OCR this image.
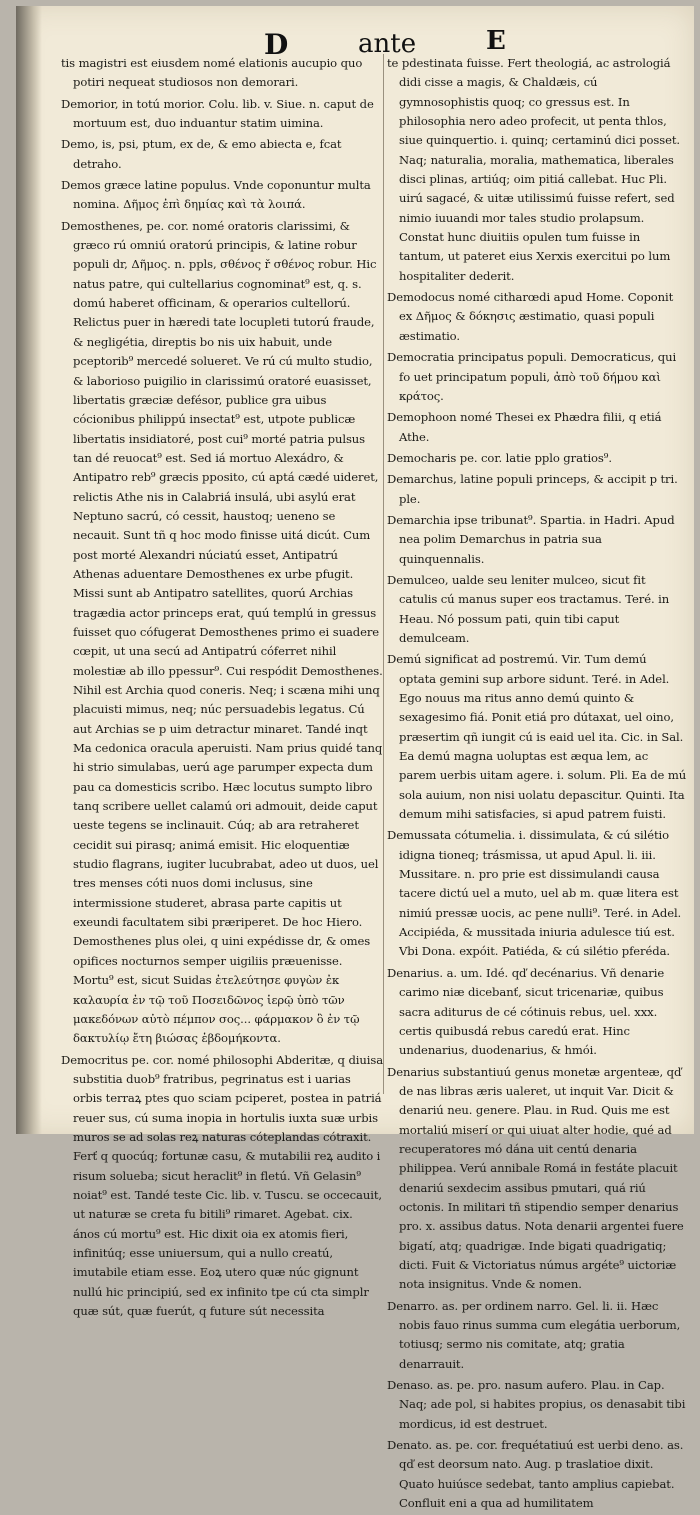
D	ante	E

tis magistri est eiusdem nomé elationis aucupio quo potiri nequeat studiosos non demorari.

Demorior, in totú morior. Colu. lib. v. Siue. n. caput de mortuum est, duo induantur statim uimina.

Demo, is, psi, ptum, ex de, & emo abiecta e, fcat detraho.

Demos græce latine populus. Vnde coponuntur multa nomina. Δῆμος ἐπὶ δημίας καὶ τὰ λοιπά.

Demosthenes, pe. cor. nomé oratoris clarissimi, & græco rú omniú oratorú principis, & latine robur populi dr, Δῆμος. n. ppls, σθένος ř σθένος robur. Hic natus patre, qui cultellarius cognominat⁹ est, q. s. domú haberet officinam, & operarios cultellorú. Relictus puer in hæredi tate locupleti tutorú fraude, & negligétia, direptis bo nis uix habuit, unde pceptorib⁹ mercedé solueret. Ve rú cú multo studio, & laborioso puigilio in clarissimú oratoré euasisset, libertatis græciæ defésor, publice gra uibus cócionibus philippú insectat⁹ est, utpote publicæ libertatis insidiatoré, post cui⁹ morté patria pulsus tan dé reuocat⁹ est. Sed iá mortuo Alexádro, & Antipatro reb⁹ græcis pposito, cú aptá cædé uideret, relictis Athe nis in Calabriá insulá, ubi asylú erat Neptuno sacrú, có cessit, haustoq; ueneno se necauit. Sunt tñ q hoc modo finisse uitá dicút. Cum post morté Alexandri núciatú esset, Antipatrú Athenas aduentare Demosthenes ex urbe pfugit. Missi sunt ab Antipatro satellites, quorú Archias tragædia actor princeps erat, quú templú in gressus fuisset quo cófugerat Demosthenes primo ei suadere cœpit, ut una secú ad Antipatrú cóferret nihil molestiæ ab illo ppessur⁹. Cui respódit Demosthenes. Nihil est Archia quod coneris. Neq; i scæna mihi unq placuisti mimus, neq; núc persuadebis legatus. Cú aut Archias se p uim detractur minaret. Tandé inqt Ma cedonica oracula aperuisti. Nam prius quidé tanq hi strio simulabas, uerú age parumper expecta dum pau ca domesticis scribo. Hæc locutus sumpto libro tanq scribere uellet calamú ori admouit, deide caput ueste tegens se inclinauit. Cúq; ab ara retraheret cecidit sui pirasq; animá emisit. Hic eloquentiæ studio flagrans, iugiter lucubrabat, adeo ut duos, uel tres menses cóti nuos domi inclusus, sine intermissione studeret, abrasa parte capitis ut exeundi facultatem sibi præriperet. De hoc Hiero. Demosthenes plus olei, q uini expédisse dr, & omes opifices nocturnos semper uigiliis præuenisse. Mortu⁹ est, sicut Suidas ἐτελεύτησε φυγὼν ἐκ καλαυρία ἐν τῷ τοῦ Ποσειδῶνος ἱερῷ ὑπὸ τῶν μακεδόνων αὐτὸ πέμπον σος... φάρμακον ὃ ἐν τῷ δακτυλίῳ ἔτη βιώσας ἑβδομήκοντα.

Democritus pe. cor. nomé philosophi Abderitæ, q diuisa substitia duob⁹ fratribus, pegrinatus est i uarias orbis terraꝝ ptes quo sciam pciperet, postea in patriá reuer sus, cú suma inopia in hortulis iuxta suæ urbis muros se ad solas reꝝ naturas cóteplandas cótraxit. Ferť q quocúq; fortunæ casu, & mutabilii reꝝ audito i risum solueba; sicut heraclit⁹ in fletú. Vñ Gelasin⁹ noiat⁹ est. Tandé teste Cic. lib. v. Tuscu. se occecauit, ut naturæ se creta fu bitili⁹ rimaret. Agebat. cix. ános cú mortu⁹ est. Hic dixit oia ex atomis fieri, infinitúq; esse uniuersum, qui a nullo creatú, imutabile etiam esse. Eoꝝ utero quæ núc gignunt nullú hic principiú, sed ex infinito tpe cú cta simplr quæ sút, quæ fuerút, q future sút necessita

te pdestinata fuisse. Fert theologiá, ac astrologiá didi cisse a magis, & Chaldæis, cú gymnosophistis quoq; co gressus est. In philosophia nero adeo profecit, ut penta thlos, siue quinquertio. i. quinq; certaminú dici posset. Naq; naturalia, moralia, mathematica, liberales disci plinas, artiúq; oim pitiá callebat. Huc Pli. uirú sagacé, & uitæ utilissimú fuisse refert, sed nimio iuuandi mor tales studio prolapsum. Constat hunc diuitiis opulen tum fuisse in tantum, ut pateret eius Xerxis exercitui po lum hospitaliter dederit.

Demodocus nomé citharœdi apud Home. Coponit ex Δῆμος & δόκησις æstimatio, quasi populi æstimatio.

Democratia principatus populi. Democraticus, qui fo uet principatum populi, ἀπὸ τοῦ δήμου καὶ κράτος.

Demophoon nomé Thesei ex Phædra filii, q etiá Athe.

Democharis pe. cor. latie pplo gratios⁹.

Demarchus, latine populi princeps, & accipit p tri. ple.

Demarchia ipse tribunat⁹. Spartia. in Hadri. Apud nea polim Demarchus in patria sua quinquennalis.

Demulceo, ualde seu leniter mulceo, sicut fit catulis cú manus super eos tractamus. Teré. in Heau. Nó possum pati, quin tibi caput demulceam.

Demú significat ad postremú. Vir. Tum demú optata gemini sup arbore sidunt. Teré. in Adel. Ego nouus ma ritus anno demú quinto & sexagesimo fiá. Ponit etiá pro dútaxat, uel oino, præsertim qñ iungit cú is eaid uel ita. Cic. in Sal. Ea demú magna uoluptas est æqua lem, ac parem uerbis uitam agere. i. solum. Pli. Ea de mú sola auium, non nisi uolatu depascitur. Quinti. Ita demum mihi satisfacies, si apud patrem fuisti.

Demussata cótumelia. i. dissimulata, & cú silétio idigna tioneq; trásmissa, ut apud Apul. li. iii. Mussitare. n. pro prie est dissimulandi causa tacere dictú uel a muto, uel ab m. quæ litera est nimiú pressæ uocis, ac pene nulli⁹. Teré. in Adel. Accipiéda, & mussitada iniuria adulesce tiú est. Vbi Dona. expóit. Patiéda, & cú silétio pferéda.

Denarius. a. um. Idé. qď decénarius. Vñ denarie carimo niæ dicebanť, sicut tricenariæ, quibus sacra aditurus de cé cótinuis rebus, uel. xxx. certis quibusdá rebus caredú erat. Hinc undenarius, duodenarius, & hmói.

Denarius substantiuú genus monetæ argenteæ, qď de nas libras æris ualeret, ut inquit Var. Dicit & denariú neu. genere. Plau. in Rud. Quis me est mortaliú miserí or qui uiuat alter hodie, qué ad recuperatores mó dána uit centú denaria philippea. Verú annibale Romá in festáte placuit denariú sexdecim assibus pmutari, quá riú octonis. In militari tñ stipendio semper denarius pro. x. assibus datus. Nota denarii argentei fuere bigatí, atq; quadrigæ. Inde bigati quadrigatiq; dicti. Fuit & Victoriatus númus argéte⁹ uictoriæ nota insignitus. Vnde & nomen.

Denarro. as. per ordinem narro. Gel. li. ii. Hæc nobis fauo rinus summa cum elegátia uerborum, totiusq; sermo nis comitate, atq; gratia denarrauit.

Denaso. as. pe. pro. nasum aufero. Plau. in Cap. Naq; ade pol, si habites propius, os denasabit tibi mordicus, id est destruet.

Denato. as. pe. cor. frequétatiuú est uerbi deno. as. qď est deorsum nato. Aug. p traslatioe dixit. Quato huiúsce sedebat, tanto amplius capiebat. Confluit eni a qua ad humilitatem
